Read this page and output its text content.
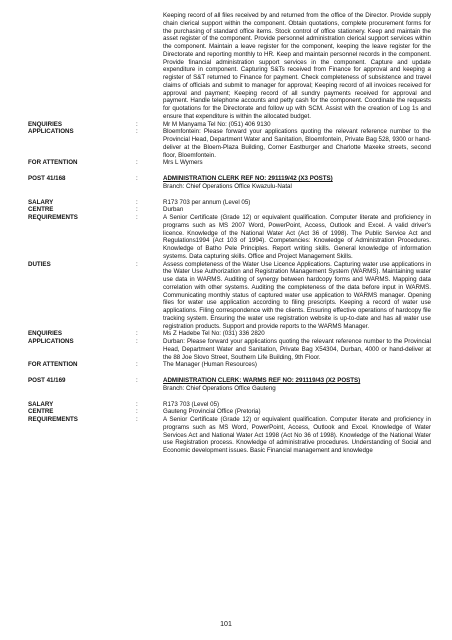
Keeping record of all files received by and returned from the office of the Director. Provide supply chain clerical support within the component. Obtain quotations, complete procurement forms for the purchasing of standard office items. Stock control of office stationery. Keep and maintain the asset register of the component. Provide personnel administration clerical support services within the component. Maintain a leave register for the component, keeping the leave register for the Directorate and reporting monthly to HR. Keep and maintain personnel records in the component. Provide financial administration support services in the component. Capture and update expenditure in component. Capturing S&Ts received from Finance for approval and keeping a register of S&T returned to Finance for payment. Check completeness of subsistence and travel claims of officials and submit to manager for approval; Keeping record of all invoices received for approval and payment; Keeping record of all sundry payments received for approval and payment. Handle telephone accounts and petty cash for the component. Coordinate the requests for quotations for the Directorate and follow up with SCM. Assist with the creation of Log 1s and ensure that expenditure is within the allocated budget.
ENQUIRIES	:	Mr M Manyama Tel No: (051) 406 9130
APPLICATIONS	:	Bloemfontein: Please forward your applications quoting the relevant reference number to the Provincial Head, Department Water and Sanitation, Bloemfontein, Private Bag 528, 9300 or hand-deliver at the Bloem-Plaza Building, Corner Eastburger and Charlotte Maxeke streets, second floor, Bloemfontein.
FOR ATTENTION	:	Mrs L Wymers
POST 41/168	:	ADMINISTRATION CLERK REF NO: 291119/42 (X3 POSTS)
Branch: Chief Operations Office Kwazulu-Natal
SALARY	:	R173 703 per annum (Level 05)
CENTRE	:	Durban
REQUIREMENTS	:	A Senior Certificate (Grade 12) or equivalent qualification. Computer literate and proficiency in programs such as MS 2007 Word, PowerPoint, Access, Outlook and Excel. A valid driver's licence. Knowledge of the National Water Act (Act 36 of 1998). The Public Service Act and Regulations1994 (Act 103 of 1994). Competencies: Knowledge of Administration Procedures. Knowledge of Batho Pele Principles. Report writing skills. General knowledge of information systems. Data capturing skills. Office and Project Management Skills.
DUTIES	:	Assess completeness of the Water Use Licence Applications. Capturing water use applications in the Water Use Authorization and Registration Management System (WARMS). Maintaining water use data in WARMS. Auditing of synergy between hardcopy forms and WARMS. Mapping data correlation with other systems. Auditing the completeness of the data before input in WARMS. Communicating monthly status of captured water use application to WARMS manager. Opening files for water use application according to filing prescripts. Keeping a record of water use applications. Filing correspondence with the clients. Ensuring effective operations of hardcopy file tracking system. Ensuring the water use registration website is up-to-date and has all water use registration products. Support and provide reports to the WARMS Manager.
ENQUIRIES	:	Ms Z Hadebe Tel No: (031) 336 2820
APPLICATIONS	:	Durban: Please forward your applications quoting the relevant reference number to the Provincial Head, Department Water and Sanitation, Private Bag X54304, Durban, 4000 or hand-deliver at the 88 Joe Slovo Street, Southern Life Building, 9th Floor.
FOR ATTENTION	:	The Manager (Human Resources)
POST 41/169	:	ADMINISTRATION CLERK: WARMS REF NO: 291119/43 (X2 POSTS)
Branch: Chief Operations Office Gauteng
SALARY	:	R173 703 (Level 05)
CENTRE	:	Gauteng Provincial Office (Pretoria)
REQUIREMENTS	:	A Senior Certificate (Grade 12) or equivalent qualification. Computer literate and proficiency in programs such as MS Word, PowerPoint, Access, Outlook and Excel. Knowledge of Water Services Act and National Water Act 1998 (Act No 36 of 1998). Knowledge of the National Water use Registration process. Knowledge of administrative procedures. Understanding of Social and Economic development issues. Basic Financial management and knowledge
101
